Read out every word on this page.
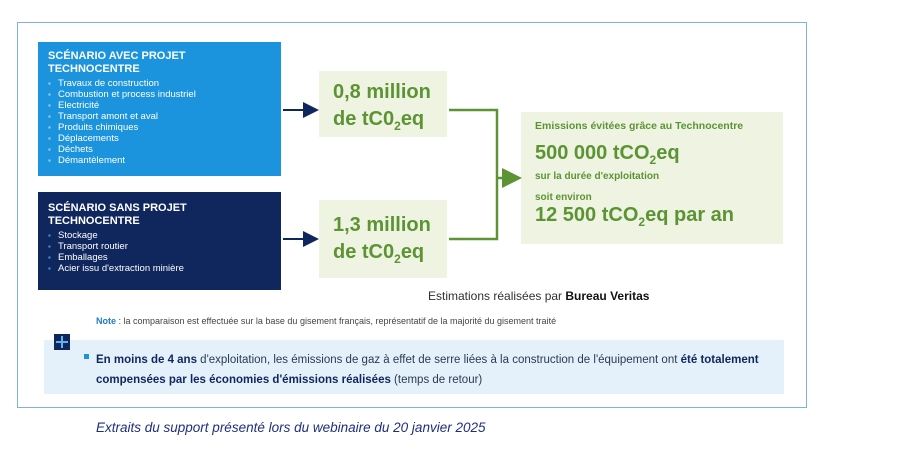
SCÉNARIO AVEC PROJET TECHNOCENTRE
▪ Travaux de construction
▪ Combustion et process industriel
▪ Electricité
▪ Transport amont et aval
▪ Produits chimiques
▪ Déplacements
▪ Déchets
▪ Démantèlement
SCÉNARIO SANS PROJET TECHNOCENTRE
▪ Stockage
▪ Transport routier
▪ Emballages
▪ Acier issu d'extraction minière
0,8 million
de $tC0_2eq$
1,3 million
de $tC0_2eq$
Emissions évitées grâce au Technocentre
500 000 tCO$_2$eq
sur la durée d'exploitation
soit environ
12 500 tCO$_2$eq par an
Estimations réalisées par Bureau Veritas
Note : la comparaison est effectuée sur la base du gisement français, représentatif de la majorité du gisement traité
En moins de 4 ans d'exploitation, les émissions de gaz à effet de serre liées à la construction de l'équipement ont été totalement compensées par les économies d'émissions réalisées (temps de retour)
Extraits du support présenté lors du webinaire du 20 janvier 2025
